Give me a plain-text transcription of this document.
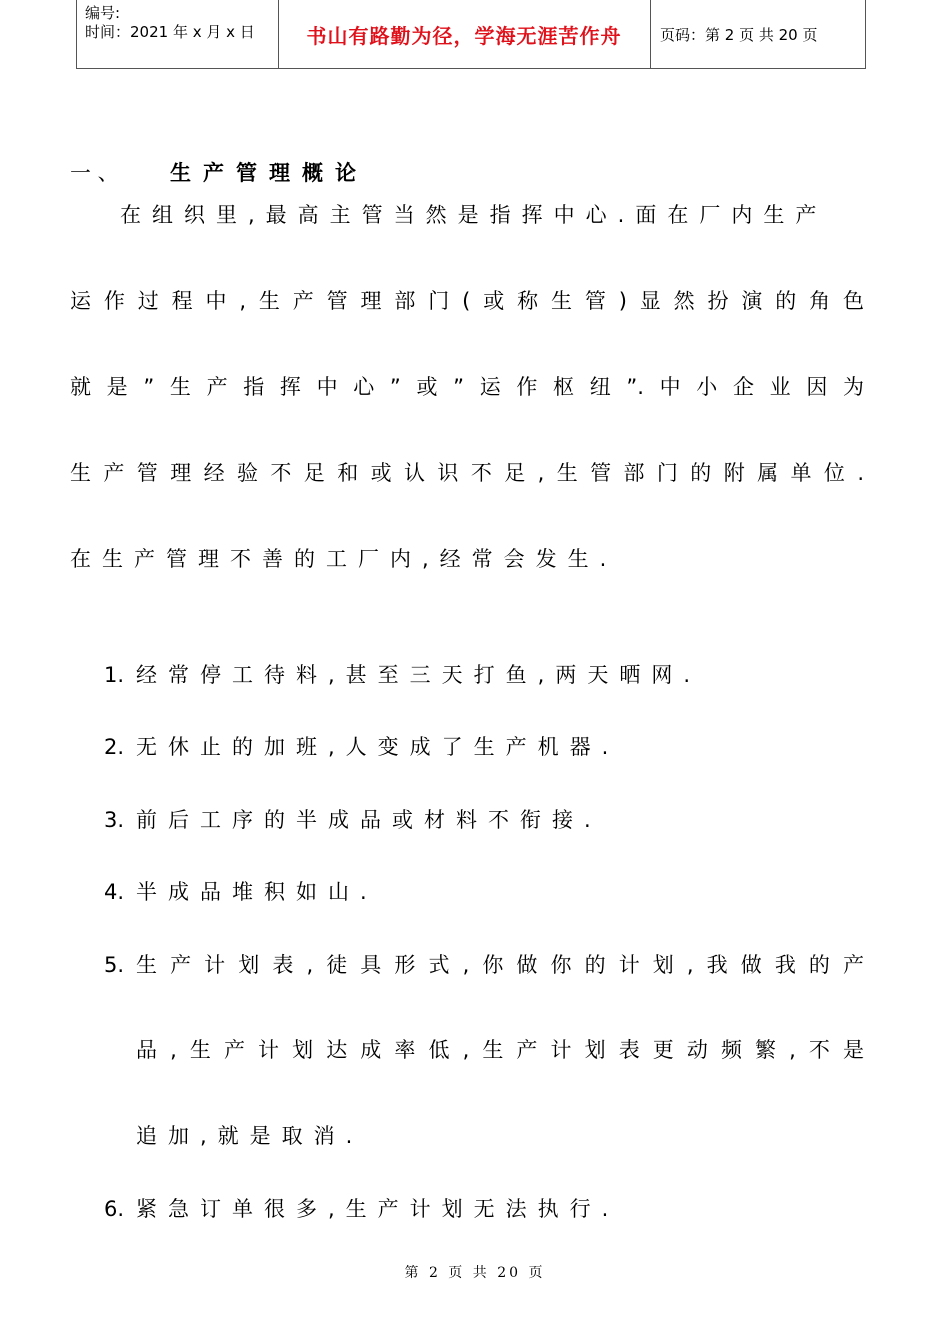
编号:
时间：2021 年 x 月 x 日	书山有路勤为径，学海无涯苦作舟	页码：第 2 页 共 20 页
一 、	生产管理概论
在组织里,最高主管当然是指挥中心.面在厂内生产
运作过程中,生产管理部门(或称生管)显然扮演的角色
就是”生产指挥中心”或”运作枢纽”.中小企业因为
生产管理经验不足和或认识不足,生管部门的附属单位.
在生产管理不善的工厂内,经常会发生.
1. 经常停工待料,甚至三天打鱼,两天晒网.
2. 无休止的加班,人变成了生产机器.
3. 前后工序的半成品或材料不衔接.
4. 半成品堆积如山.
5. 生产计划表,徒具形式,你做你的计划,我做我的产
品,生产计划达成率低,生产计划表更动频繁,不是
追加,就是取消.
6. 紧急订单很多,生产计划无法执行.
第 2 页 共 20 页
